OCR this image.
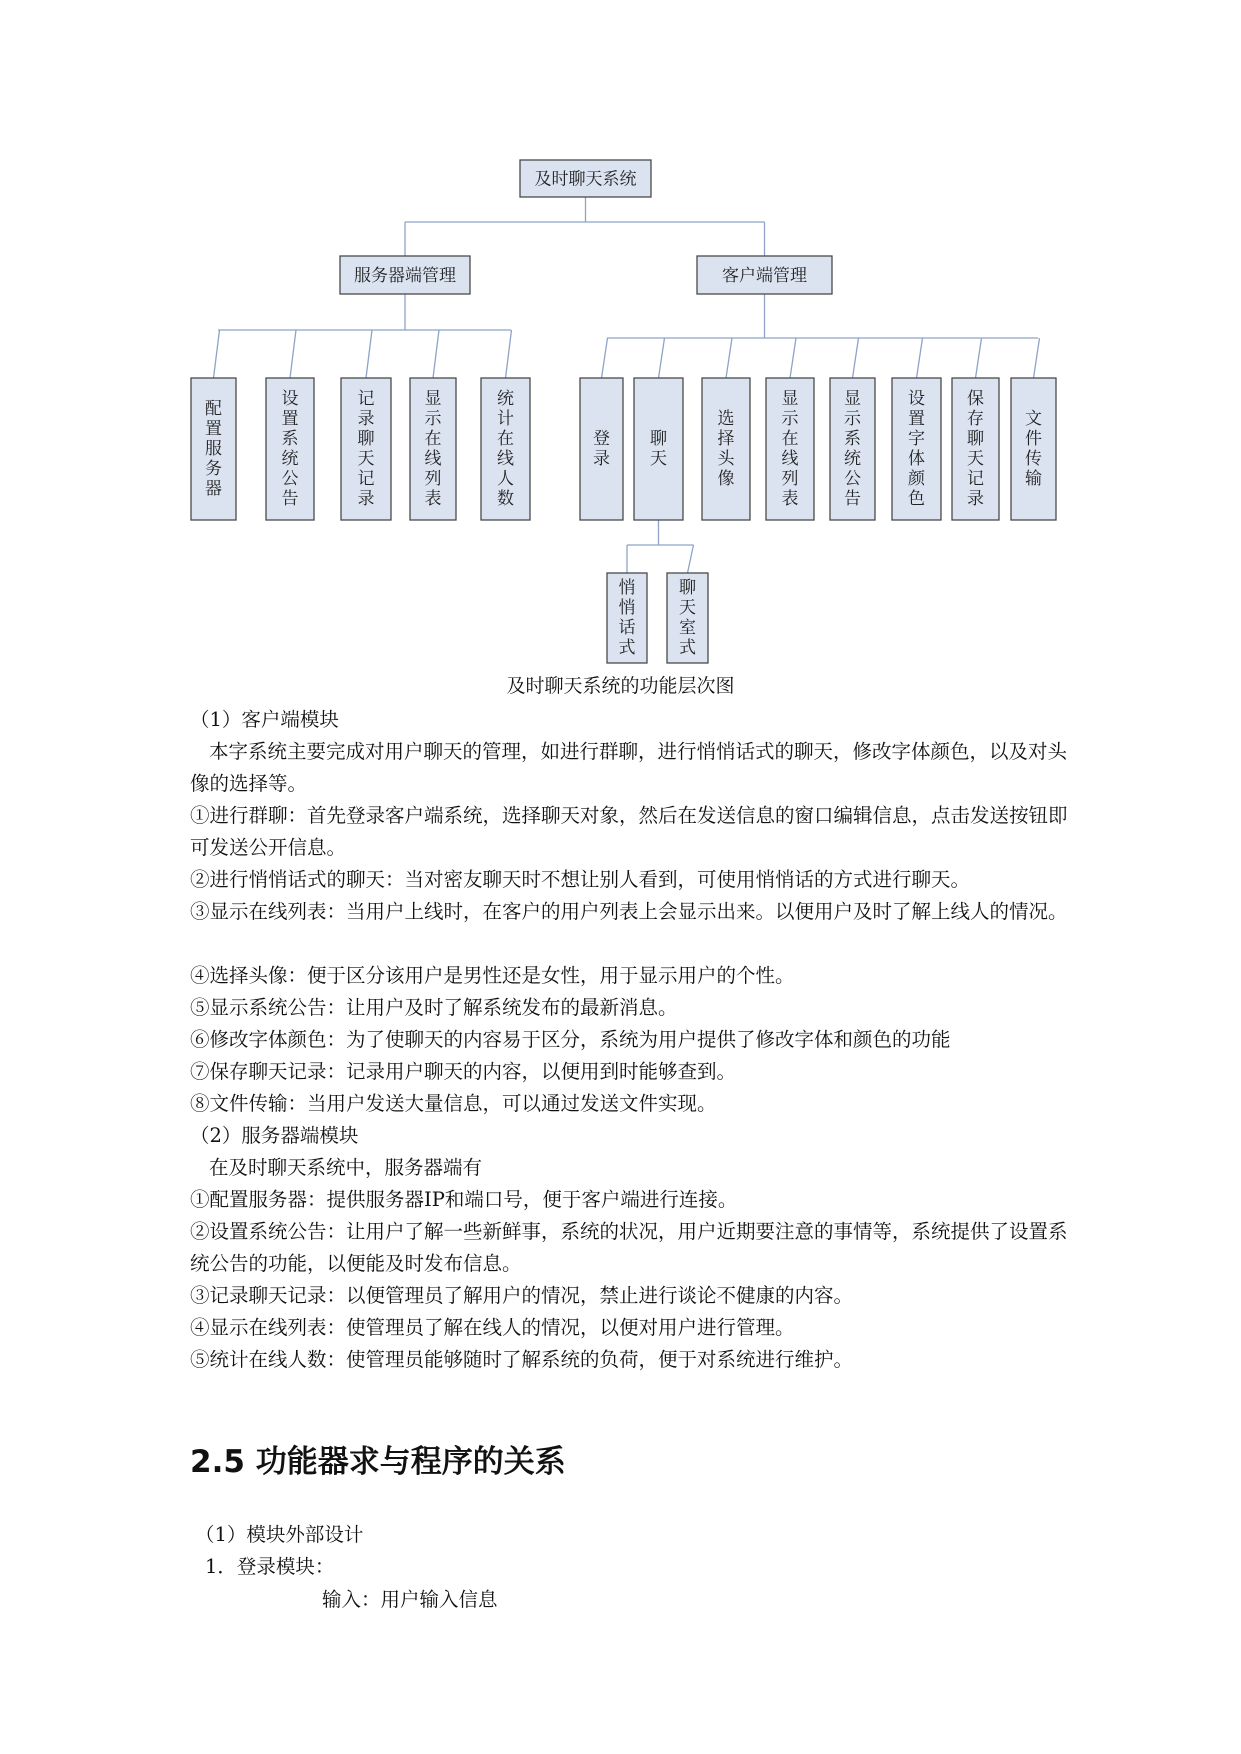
配置服务器
设置系统公告
记录聊天记录
显示在线列表
统计在线人数
登录
聊天
选择头像
显示在线列表
显示系统公告
设置字体颜色
保存聊天记录
文件传输
悄悄话式
聊天室式
及时聊天系统
服务器端管理	客户端管理
及时聊天系统的功能层次图
（1）客户端模块
本字系统主要完成对用户聊天的管理，如进行群聊，进行悄悄话式的聊天，修改字体颜色，以及对头像的选择等。
①进行群聊：首先登录客户端系统，选择聊天对象，然后在发送信息的窗口编辑信息，点击发送按钮即可发送公开信息。
②进行悄悄话式的聊天：当对密友聊天时不想让别人看到，可使用悄悄话的方式进行聊天。
③显示在线列表：当用户上线时，在客户的用户列表上会显示出来。以便用户及时了解上线人的情况。
④选择头像：便于区分该用户是男性还是女性，用于显示用户的个性。
⑤显示系统公告：让用户及时了解系统发布的最新消息。
⑥修改字体颜色：为了使聊天的内容易于区分，系统为用户提供了修改字体和颜色的功能
⑦保存聊天记录：记录用户聊天的内容，以便用到时能够查到。
⑧文件传输：当用户发送大量信息，可以通过发送文件实现。
（2）服务器端模块
在及时聊天系统中，服务器端有
①配置服务器：提供服务器IP和端口号，便于客户端进行连接。
②设置系统公告：让用户了解一些新鲜事，系统的状况，用户近期要注意的事情等，系统提供了设置系统公告的功能，以便能及时发布信息。
③记录聊天记录：以便管理员了解用户的情况，禁止进行谈论不健康的内容。
④显示在线列表：使管理员了解在线人的情况，以便对用户进行管理。
⑤统计在线人数：使管理员能够随时了解系统的负荷，便于对系统进行维护。
2.5 功能器求与程序的关系
（1）模块外部设计
1．登录模块：
输入：用户输入信息
